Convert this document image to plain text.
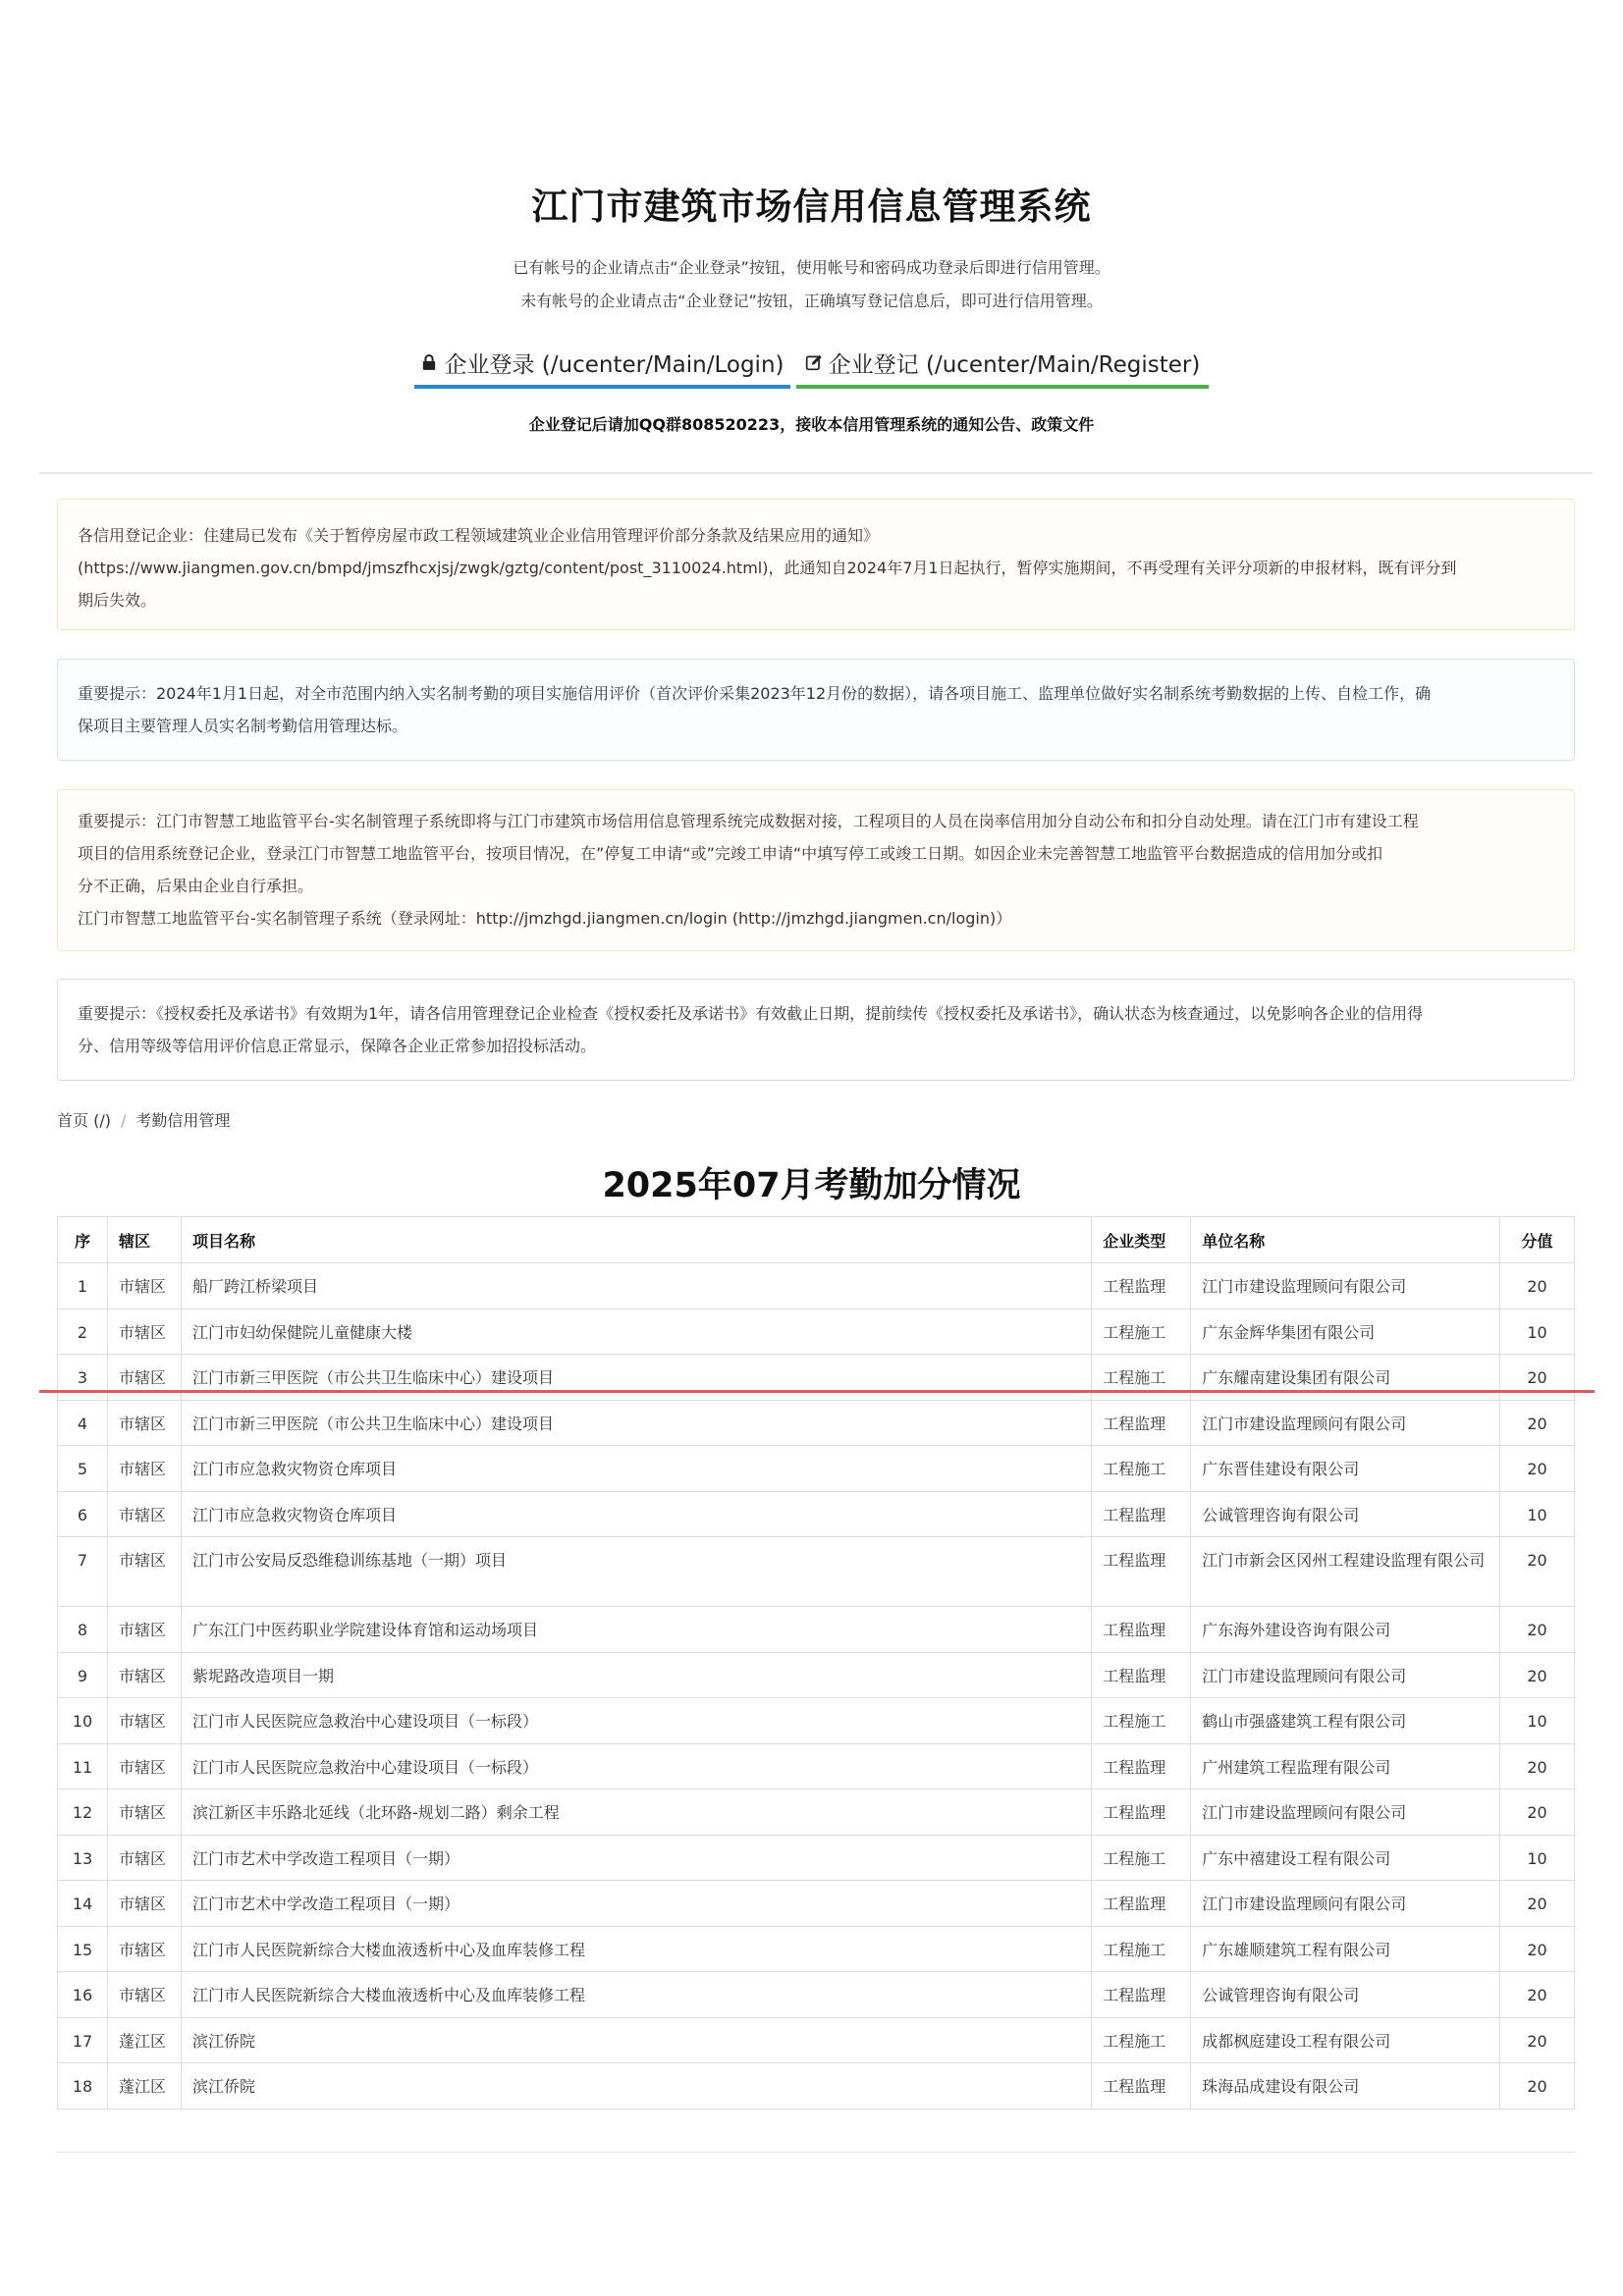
江门市建筑市场信用信息管理系统
已有帐号的企业请点击“企业登录”按钮，使用帐号和密码成功登录后即进行信用管理。
未有帐号的企业请点击“企业登记”按钮，正确填写登记信息后，即可进行信用管理。
企业登录 (/ucenter/Main/Login) 企业登记 (/ucenter/Main/Register)
企业登记后请加QQ群808520223，接收本信用管理系统的通知公告、政策文件

各信用登记企业：住建局已发布《关于暂停房屋市政工程领域建筑业企业信用管理评价部分条款及结果应用的通知》

(https://www.jiangmen.gov.cn/bmpd/jmszfhcxjsj/zwgk/gztg/content/post_3110024.html)，此通知自2024年7月1日起执行，暂停实施期间，不再受理有关评分项新的申报材料，既有评分到

期后失效。

重要提示：2024年1月1日起，对全市范围内纳入实名制考勤的项目实施信用评价（首次评价采集2023年12月份的数据），请各项目施工、监理单位做好实名制系统考勤数据的上传、自检工作，确

保项目主要管理人员实名制考勤信用管理达标。

重要提示：江门市智慧工地监管平台-实名制管理子系统即将与江门市建筑市场信用信息管理系统完成数据对接，工程项目的人员在岗率信用加分自动公布和扣分自动处理。请在江门市有建设工程

项目的信用系统登记企业，登录江门市智慧工地监管平台，按项目情况，在”停复工申请“或”完竣工申请“中填写停工或竣工日期。如因企业未完善智慧工地监管平台数据造成的信用加分或扣

分不正确，后果由企业自行承担。

江门市智慧工地监管平台-实名制管理子系统（登录网址：http://jmzhgd.jiangmen.cn/login (http://jmzhgd.jiangmen.cn/login)）

重要提示：《授权委托及承诺书》有效期为1年，请各信用管理登记企业检查《授权委托及承诺书》有效截止日期，提前续传《授权委托及承诺书》，确认状态为核查通过，以免影响各企业的信用得

分、信用等级等信用评价信息正常显示，保障各企业正常参加招投标活动。

首页 (/) / 考勤信用管理
2025年07月考勤加分情况
序	辖区	项目名称	企业类型	单位名称	分值
1	市辖区	船厂跨江桥梁项目	工程监理	江门市建设监理顾问有限公司	20
2	市辖区	江门市妇幼保健院儿童健康大楼	工程施工	广东金辉华集团有限公司	10
3	市辖区	江门市新三甲医院（市公共卫生临床中心）建设项目	工程施工	广东耀南建设集团有限公司	20
4	市辖区	江门市新三甲医院（市公共卫生临床中心）建设项目	工程监理	江门市建设监理顾问有限公司	20
5	市辖区	江门市应急救灾物资仓库项目	工程施工	广东晋佳建设有限公司	20
6	市辖区	江门市应急救灾物资仓库项目	工程监理	公诚管理咨询有限公司	10
7	市辖区	江门市公安局反恐维稳训练基地（一期）项目	工程监理	江门市新会区冈州工程建设监理有限公司	20
8	市辖区	广东江门中医药职业学院建设体育馆和运动场项目	工程监理	广东海外建设咨询有限公司	20
9	市辖区	紫坭路改造项目一期	工程监理	江门市建设监理顾问有限公司	20
10	市辖区	江门市人民医院应急救治中心建设项目（一标段）	工程施工	鹤山市强盛建筑工程有限公司	10
11	市辖区	江门市人民医院应急救治中心建设项目（一标段）	工程监理	广州建筑工程监理有限公司	20
12	市辖区	滨江新区丰乐路北延线（北环路-规划二路）剩余工程	工程监理	江门市建设监理顾问有限公司	20
13	市辖区	江门市艺术中学改造工程项目（一期）	工程施工	广东中禧建设工程有限公司	10
14	市辖区	江门市艺术中学改造工程项目（一期）	工程监理	江门市建设监理顾问有限公司	20
15	市辖区	江门市人民医院新综合大楼血液透析中心及血库装修工程	工程施工	广东雄顺建筑工程有限公司	20
16	市辖区	江门市人民医院新综合大楼血液透析中心及血库装修工程	工程监理	公诚管理咨询有限公司	20
17	蓬江区	滨江侨院	工程施工	成都枫庭建设工程有限公司	20
18	蓬江区	滨江侨院	工程监理	珠海品成建设有限公司	20
